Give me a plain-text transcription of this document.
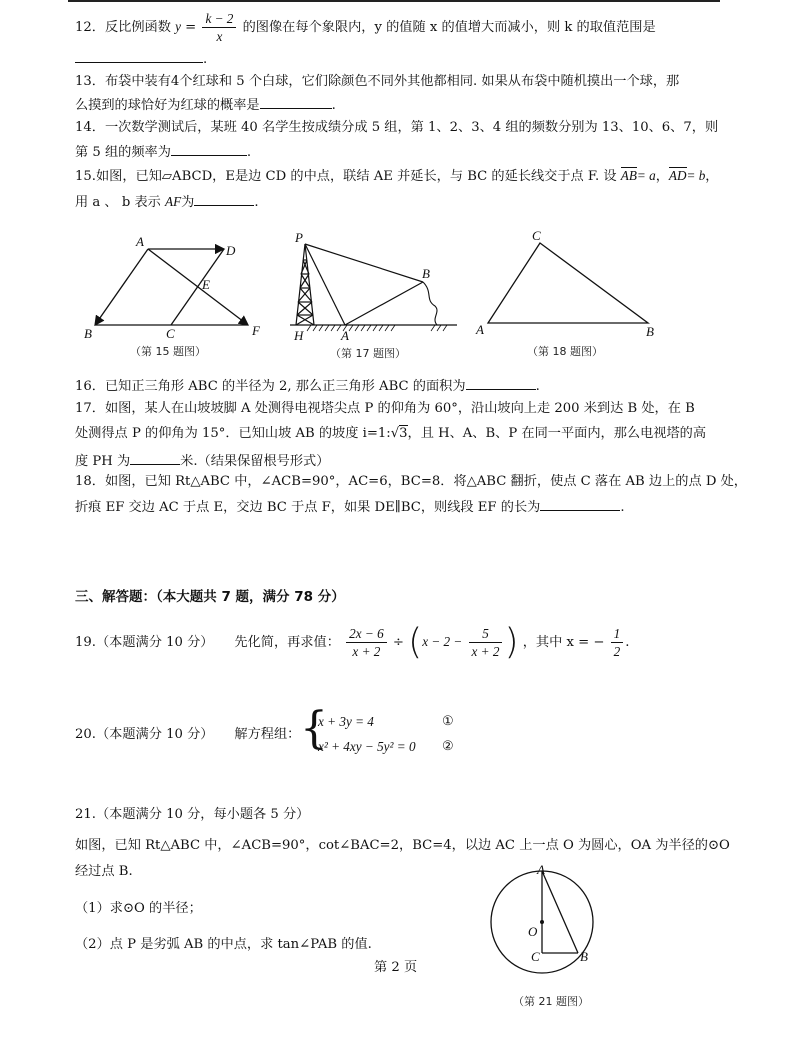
12．反比例函数 $y = \frac{k - 2}{x}$ 的图像在每个象限内，y 的值随 x 的值增大而减小，则 k 的取值范围是
.
13．布袋中装有4个红球和 5 个白球，它们除颜色不同外其他都相同. 如果从布袋中随机摸出一个球，那
么摸到的球恰好为红球的概率是	.
14．一次数学测试后，某班 40 名学生按成绩分成 5 组，第 1、2、3、4 组的频数分别为 13、10、6、7，则
第 5 组的频率为	.
15.如图，已知▱ABCD，E是边 CD 的中点，联结 AE 并延长，与 BC 的延长线交于点 F. 设 AB= a，AD= b，
用 a 、 b 表示 AF为	.
A
D
E
B	C	F
（第 15 题图）
P
B
H	A
（第 17 题图）
C
A	B
（第 18 题图）
16．已知正三角形 ABC 的半径为 2, 那么正三角形 ABC 的面积为	.
17．如图，某人在山坡坡脚 A 处测得电视塔尖点 P 的仰角为 60°，沿山坡向上走 200 米到达 B 处，在 B
处测得点 P 的仰角为 15°．已知山坡 AB 的坡度 i=1:√3，且 H、A、B、P 在同一平面内，那么电视塔的高
度 PH 为	米.（结果保留根号形式）
18．如图，已知 Rt△ABC 中，∠ACB=90°，AC=6，BC=8．将△ABC 翻折，使点 C 落在 AB 边上的点 D 处，
折痕 EF 交边 AC 于点 E，交边 BC 于点 F，如果 DE∥BC，则线段 EF 的长为	.
三、解答题：（本大题共 7 题，满分 78 分）
19.（本题满分 10 分） 先化简，再求值： $\frac{2x - 6}{x + 2} \div (x - 2 - \frac{5}{x + 2}$ ) ，其中 x = − $\frac{1}{2}$ .
20.（本题满分 10 分） 解方程组： {
x + 3y = 4
x² + 4xy − 5y² = 0
①
②
21.（本题满分 10 分，每小题各 5 分）
如图，已知 Rt△ABC 中，∠ACB=90°，cot∠BAC=2，BC=4，以边 AC 上一点 O 为圆心，OA 为半径的⊙O
经过点 B.
（1）求⊙O 的半径；
（2）点 P 是劣弧 AB 的中点，求 tan∠PAB 的值.
第 2 页
A
O
C	B
（第 21 题图）
